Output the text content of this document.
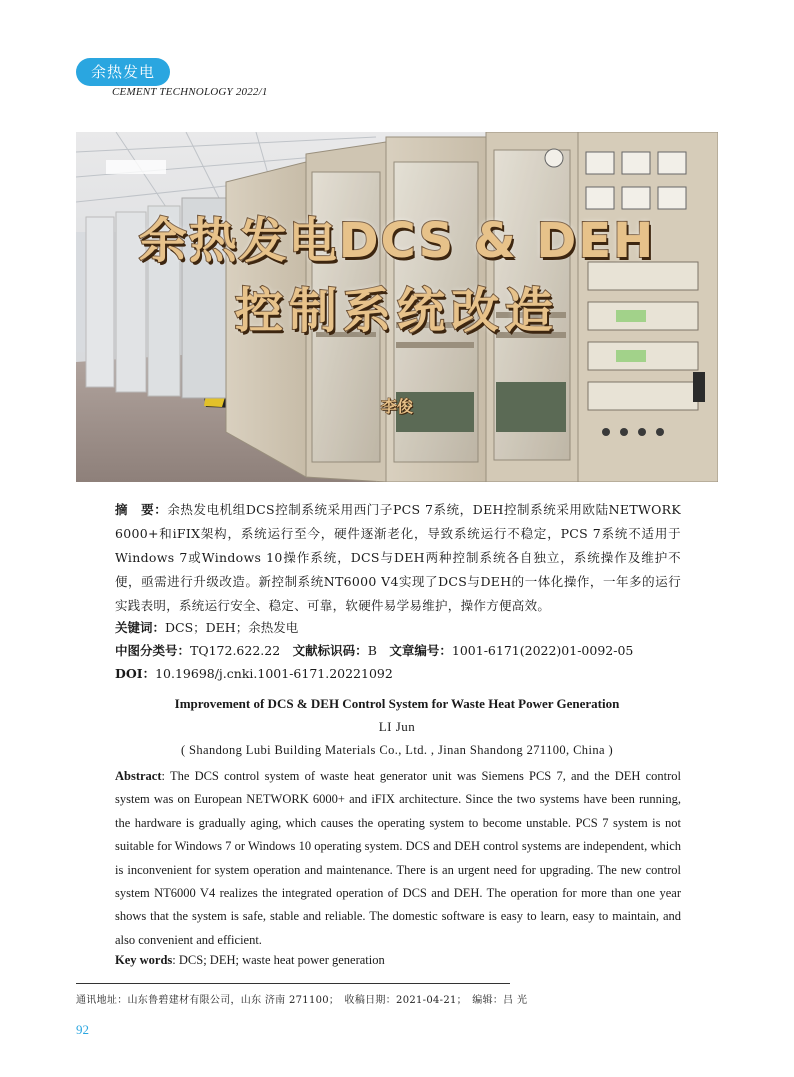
余热发电
CEMENT TECHNOLOGY 2022/1
余热发电DCS & DEH
控制系统改造
李俊
摘　要：余热发电机组DCS控制系统采用西门子PCS 7系统，DEH控制系统采用欧陆NETWORK 6000+和iFIX架构，系统运行至今，硬件逐渐老化，导致系统运行不稳定，PCS 7系统不适用于Windows 7或Windows 10操作系统，DCS与DEH两种控制系统各自独立，系统操作及维护不便，亟需进行升级改造。新控制系统NT6000 V4实现了DCS与DEH的一体化操作，一年多的运行实践表明，系统运行安全、稳定、可靠，软硬件易学易维护，操作方便高效。
关键词：DCS；DEH；余热发电
中图分类号：TQ172.622.22  文献标识码：B  文章编号：1001-6171(2022)01-0092-05
DOI：10.19698/j.cnki.1001-6171.20221092
Improvement of DCS & DEH Control System for Waste Heat Power Generation
LI Jun
( Shandong Lubi Building Materials Co., Ltd. , Jinan Shandong 271100, China )
Abstract: The DCS control system of waste heat generator unit was Siemens PCS 7, and the DEH control system was on European NETWORK 6000+ and iFIX architecture. Since the two systems have been running, the hardware is gradually aging, which causes the operating system to become unstable. PCS 7 system is not suitable for Windows 7 or Windows 10 operating system. DCS and DEH control systems are independent, which is inconvenient for system operation and maintenance. There is an urgent need for upgrading. The new control system NT6000 V4 realizes the integrated operation of DCS and DEH. The operation for more than one year shows that the system is safe, stable and reliable. The domestic software is easy to learn, easy to maintain, and also convenient and efficient.
Key words: DCS; DEH; waste heat power generation
通讯地址：山东鲁碧建材有限公司，山东 济南 271100；　收稿日期：2021-04-21；　编辑：吕 光
92
